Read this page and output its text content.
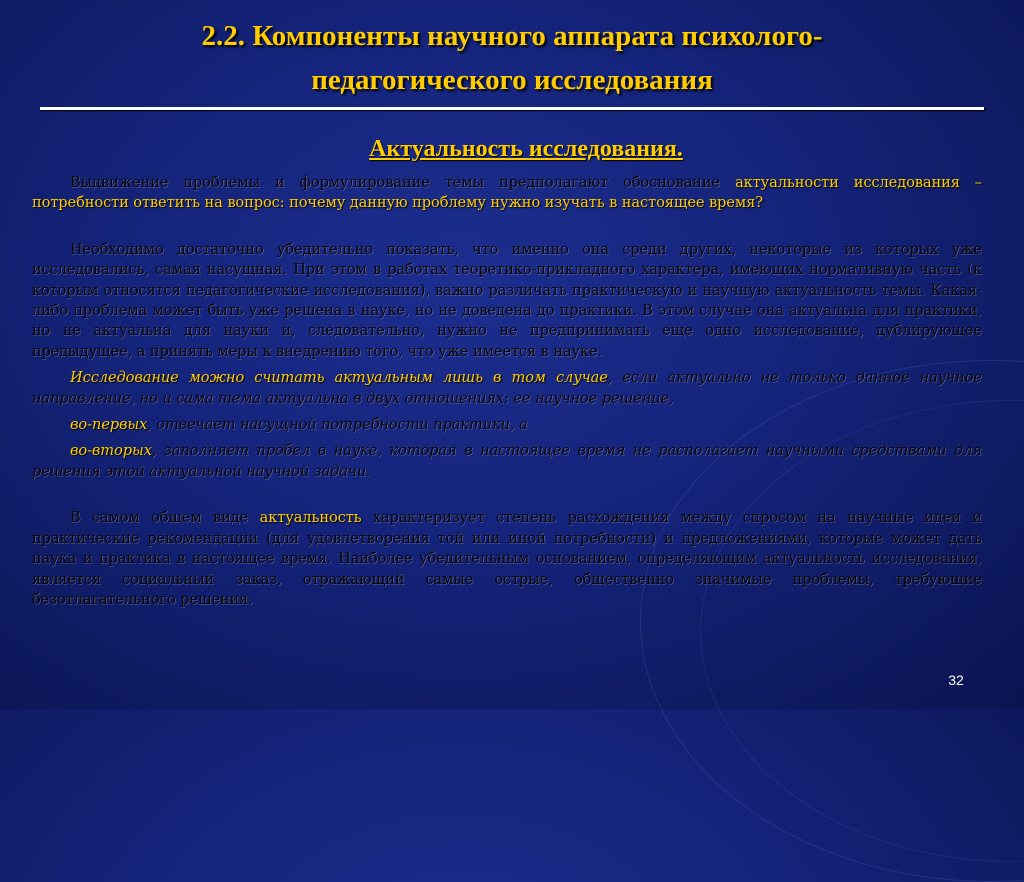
2.2. Компоненты научного аппарата психолого-
педагогического исследования
Актуальность исследования.

Выдвижение проблемы и формулирование темы предполагают обоснование актуальности исследования – потребности ответить на вопрос: почему данную проблему нужно изучать в настоящее время?

Необходимо достаточно убедительно показать, что именно она среди других, некоторые из которых уже исследовались, самая насущная. При этом в работах теоретико-прикладного характера, имеющих нормативную часть (к которым относятся педагогические исследования), важно различать практическую и научную актуальность темы. Какая-либо проблема может быть уже решена в науке, но не доведена до практики. В этом случае она актуальна для практики, но не актуальна для науки и, следовательно, нужно не предпринимать еще одно исследование, дублирующее предыдущее, а принять меры к внедрению того, что уже имеется в науке.

Исследование можно считать актуальным лишь в том случае, если актуально не только данное научное направление, но и сама тема актуальна в двух отношениях: ее научное решение,

во-первых, отвечает насущной потребности практики, а

во-вторых, заполняет пробел в науке, которая в настоящее время не располагает научными средствами для решения этой актуальной научной задачи.

В самом общем виде актуальность характеризует степень расхождения между спросом на научные идеи и практические рекомендации (для удовлетворения той или иной потребности) и предложениями, которые может дать наука и практика в настоящее время. Наиболее убедительным основанием, определяющим актуальность исследования, является социальный заказ, отражающий самые острые, общественно значимые проблемы, требующие безотлагательного решения.

32
